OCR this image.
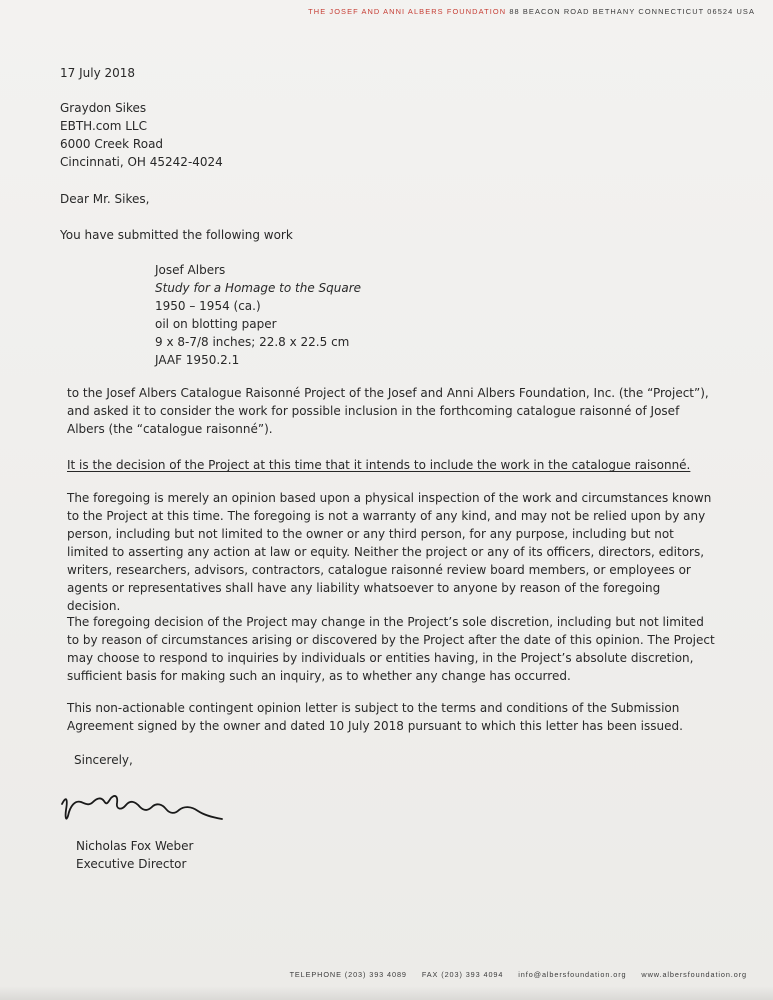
THE JOSEF AND ANNI ALBERS FOUNDATION 88 BEACON ROAD BETHANY CONNECTICUT 06524 USA
17 July 2018
Graydon Sikes
EBTH.com LLC
6000 Creek Road
Cincinnati, OH 45242-4024
Dear Mr. Sikes,
You have submitted the following work
Josef Albers
Study for a Homage to the Square
1950 – 1954 (ca.)
oil on blotting paper
9 x 8-7/8 inches; 22.8 x 22.5 cm
JAAF 1950.2.1
to the Josef Albers Catalogue Raisonné Project of the Josef and Anni Albers Foundation, Inc. (the “Project”), and asked it to consider the work for possible inclusion in the forthcoming catalogue raisonné of Josef Albers (the “catalogue raisonné”).
It is the decision of the Project at this time that it intends to include the work in the catalogue raisonné.
The foregoing is merely an opinion based upon a physical inspection of the work and circumstances known to the Project at this time. The foregoing is not a warranty of any kind, and may not be relied upon by any person, including but not limited to the owner or any third person, for any purpose, including but not limited to asserting any action at law or equity. Neither the project or any of its officers, directors, editors, writers, researchers, advisors, contractors, catalogue raisonné review board members, or employees or agents or representatives shall have any liability whatsoever to anyone by reason of the foregoing decision.
The foregoing decision of the Project may change in the Project’s sole discretion, including but not limited to by reason of circumstances arising or discovered by the Project after the date of this opinion. The Project may choose to respond to inquiries by individuals or entities having, in the Project’s absolute discretion, sufficient basis for making such an inquiry, as to whether any change has occurred.
This non-actionable contingent opinion letter is subject to the terms and conditions of the Submission Agreement signed by the owner and dated 10 July 2018 pursuant to which this letter has been issued.
Sincerely,
Nicholas Fox Weber
Executive Director
TELEPHONE (203) 393 4089 FAX (203) 393 4094 info@albersfoundation.org www.albersfoundation.org
